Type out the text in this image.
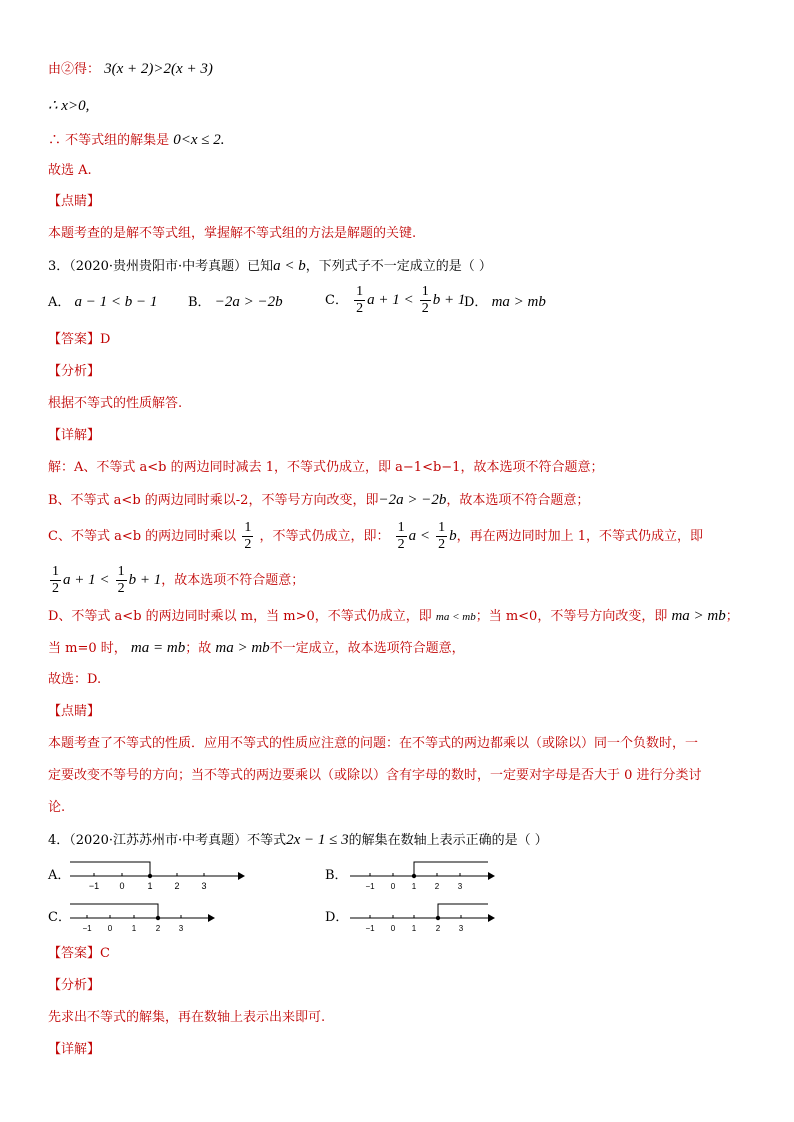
由②得： 3(x + 2)>2(x + 3)
∴ x>0,
∴ 不等式组的解集是 0<x ≤ 2.
故选 A.
【点睛】
本题考查的是解不等式组，掌握解不等式组的方法是解题的关键.
3．（2020·贵州贵阳市·中考真题）已知a < b，下列式子不一定成立的是（ ）
A． a − 1 < b − 1 B． −2a > −2b	C． $\frac{1}{2}$ $a + 1 < \frac{1}{2}$ b + 1
D． ma > mb
【答案】D
【分析】
根据不等式的性质解答.
【详解】
解：A、不等式 a<b 的两边同时减去 1，不等式仍成立，即 a−1<b−1，故本选项不符合题意；
B、不等式 a<b 的两边同时乘以-2，不等号方向改变，即−2a > −2b，故本选项不符合题意；
C、不等式 a<b 的两边同时乘以 $\frac{1}{2}$ ，不等式仍成立，即： $\frac{1}{2}$ $a < \frac{1}{2}$ b，再在两边同时加上 1，不等式仍成立，即
$\frac{1}{2}$ $a + 1 < \frac{1}{2}$ b + 1，故本选项不符合题意；
D、不等式 a<b 的两边同时乘以 m，当 m>0，不等式仍成立，即 ma < mb；当 m<0，不等号方向改变，即 ma > mb；
当 m=0 时， ma = mb；故 ma > mb不一定成立，故本选项符合题意，
故选：D.
【点睛】
本题考查了不等式的性质．应用不等式的性质应注意的问题：在不等式的两边都乘以（或除以）同一个负数时，一
定要改变不等号的方向；当不等式的两边要乘以（或除以）含有字母的数时，一定要对字母是否大于 0 进行分类讨
论.
4．（2020·江苏苏州市·中考真题）不等式2x − 1 ≤ 3的解集在数轴上表示正确的是（ ）
A．
−1 0	1 2 3
B．
−1 0 1 2 3
C．
−1 0 1 2 3
D．
−1 0 1 2 3
【答案】C
【分析】
先求出不等式的解集，再在数轴上表示出来即可.
【详解】
